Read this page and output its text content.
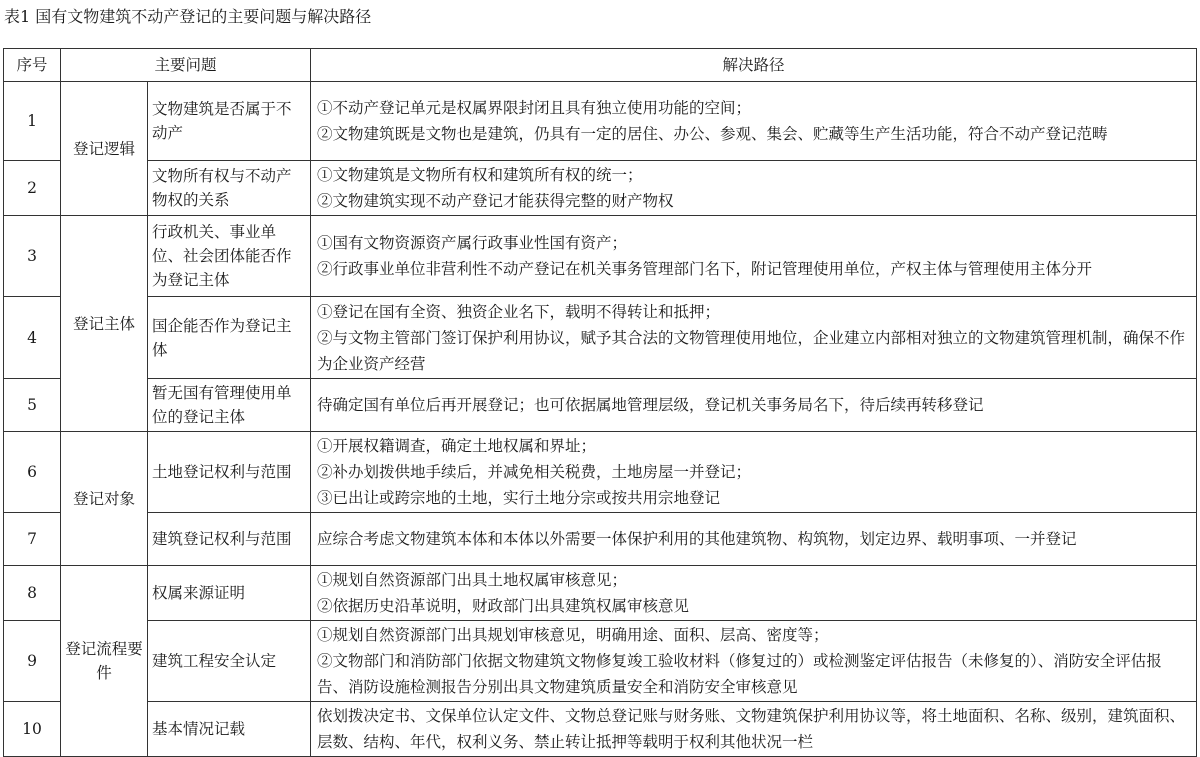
表1 国有文物建筑不动产登记的主要问题与解决路径
序号	主要问题		解决路径
1	登记逻辑	文物建筑是否属于不动产	①不动产登记单元是权属界限封闭且具有独立使用功能的空间；
②文物建筑既是文物也是建筑，仍具有一定的居住、办公、参观、集会、贮藏等生产生活功能，符合不动产登记范畴

2		文物所有权与不动产物权的关系	①文物建筑是文物所有权和建筑所有权的统一；
②文物建筑实现不动产登记才能获得完整的财产物权

3	登记主体	行政机关、事业单位、社会团体能否作为登记主体	①国有文物资源资产属行政事业性国有资产；
②行政事业单位非营利性不动产登记在机关事务管理部门名下，附记管理使用单位，产权主体与管理使用主体分开

4		国企能否作为登记主体	①登记在国有全资、独资企业名下，载明不得转让和抵押；
②与文物主管部门签订保护利用协议，赋予其合法的文物管理使用地位，企业建立内部相对独立的文物建筑管理机制，确保不作为企业资产经营

5		暂无国有管理使用单位的登记主体	待确定国有单位后再开展登记；也可依据属地管理层级，登记机关事务局名下，待后续再转移登记

6	登记对象	土地登记权利与范围	①开展权籍调查，确定土地权属和界址；
②补办划拨供地手续后，并减免相关税费，土地房屋一并登记；
③已出让或跨宗地的土地，实行土地分宗或按共用宗地登记

7		建筑登记权利与范围	应综合考虑文物建筑本体和本体以外需要一体保护利用的其他建筑物、构筑物，划定边界、载明事项、一并登记

8	登记流程要件	权属来源证明	①规划自然资源部门出具土地权属审核意见；
②依据历史沿革说明，财政部门出具建筑权属审核意见

9		建筑工程安全认定	①规划自然资源部门出具规划审核意见，明确用途、面积、层高、密度等；
②文物部门和消防部门依据文物建筑文物修复竣工验收材料（修复过的）或检测鉴定评估报告（未修复的）、消防安全评估报告、消防设施检测报告分别出具文物建筑质量安全和消防安全审核意见

10		基本情况记载	依划拨决定书、文保单位认定文件、文物总登记账与财务账、文物建筑保护利用协议等，将土地面积、名称、级别，建筑面积、层数、结构、年代，权利义务、禁止转让抵押等载明于权利其他状况一栏
